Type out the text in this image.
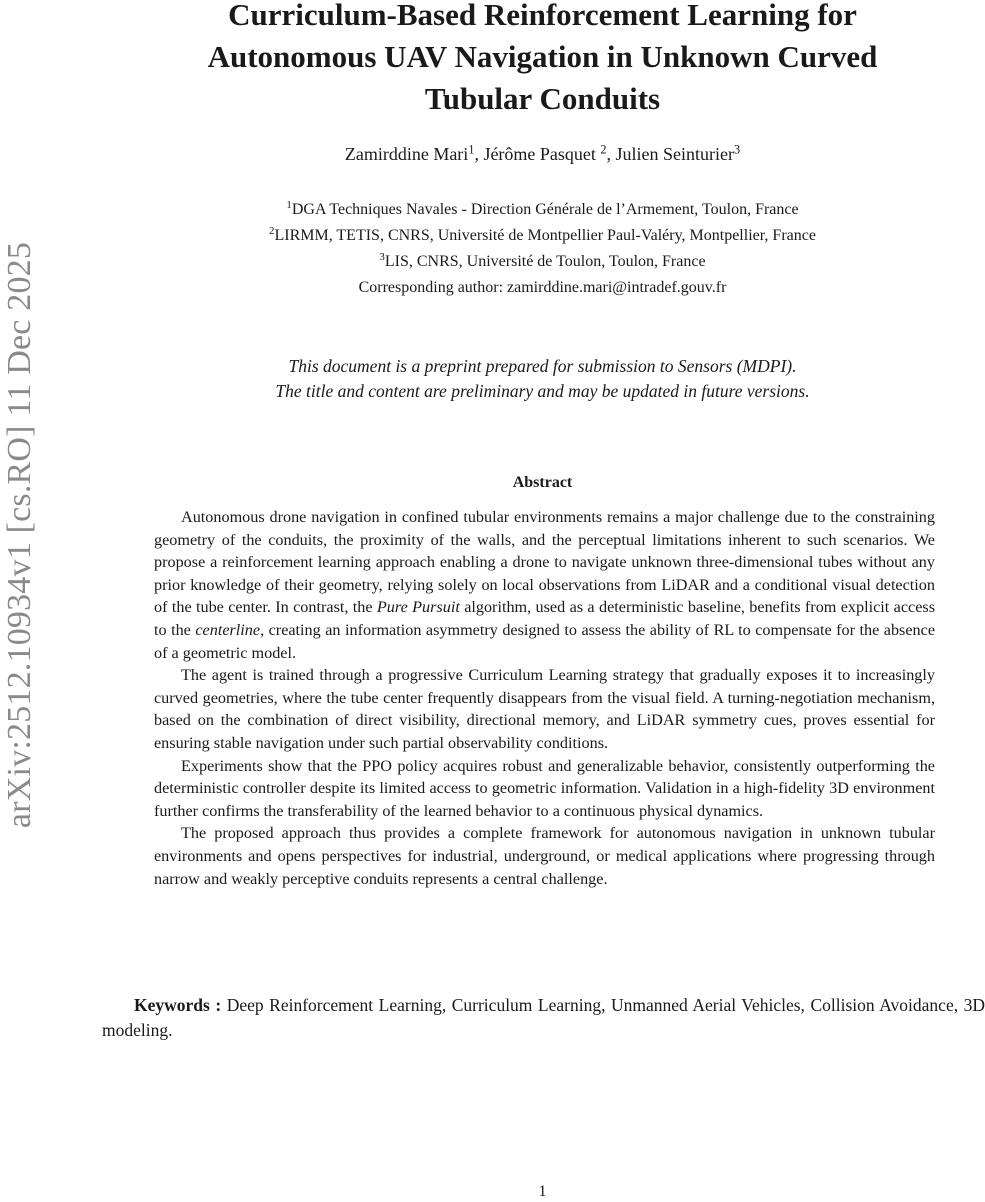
arXiv:2512.10934v1 [cs.RO] 11 Dec 2025
Curriculum-Based Reinforcement Learning for
Autonomous UAV Navigation in Unknown Curved
Tubular Conduits
Zamirddine Mari$^1$, Jérôme Pasquet $^2$, Julien Seinturier$^3$
$^1$DGA Techniques Navales - Direction Générale de l’Armement, Toulon, France
$^2$LIRMM, TETIS, CNRS, Université de Montpellier Paul-Valéry, Montpellier, France
$^3$LIS, CNRS, Université de Toulon, Toulon, France
Corresponding author: zamirddine.mari@intradef.gouv.fr
This document is a preprint prepared for submission to Sensors (MDPI).
The title and content are preliminary and may be updated in future versions.
Abstract

Autonomous drone navigation in confined tubular environments remains a major challenge due to the constraining geometry of the conduits, the proximity of the walls, and the perceptual limitations inherent to such scenarios. We propose a reinforcement learning approach enabling a drone to navigate unknown three-dimensional tubes without any prior knowledge of their geometry, relying solely on local observations from LiDAR and a conditional visual detection of the tube center. In contrast, the Pure Pursuit algorithm, used as a deterministic baseline, benefits from explicit access to the centerline, creating an information asymmetry designed to assess the ability of RL to compensate for the absence of a geometric model.

The agent is trained through a progressive Curriculum Learning strategy that gradually exposes it to increasingly curved geometries, where the tube center frequently disappears from the visual field. A turning-negotiation mechanism, based on the combination of direct visibility, directional memory, and LiDAR symmetry cues, proves essential for ensuring stable navigation under such partial observability conditions.

Experiments show that the PPO policy acquires robust and generalizable behavior, consistently outperforming the deterministic controller despite its limited access to geometric information. Validation in a high-fidelity 3D environment further confirms the transferability of the learned behavior to a continuous physical dynamics.

The proposed approach thus provides a complete framework for autonomous navigation in unknown tubular environments and opens perspectives for industrial, underground, or medical applications where progressing through narrow and weakly perceptive conduits represents a central challenge.

Keywords : Deep Reinforcement Learning, Curriculum Learning, Unmanned Aerial Vehicles, Collision Avoidance, 3D modeling.
1
